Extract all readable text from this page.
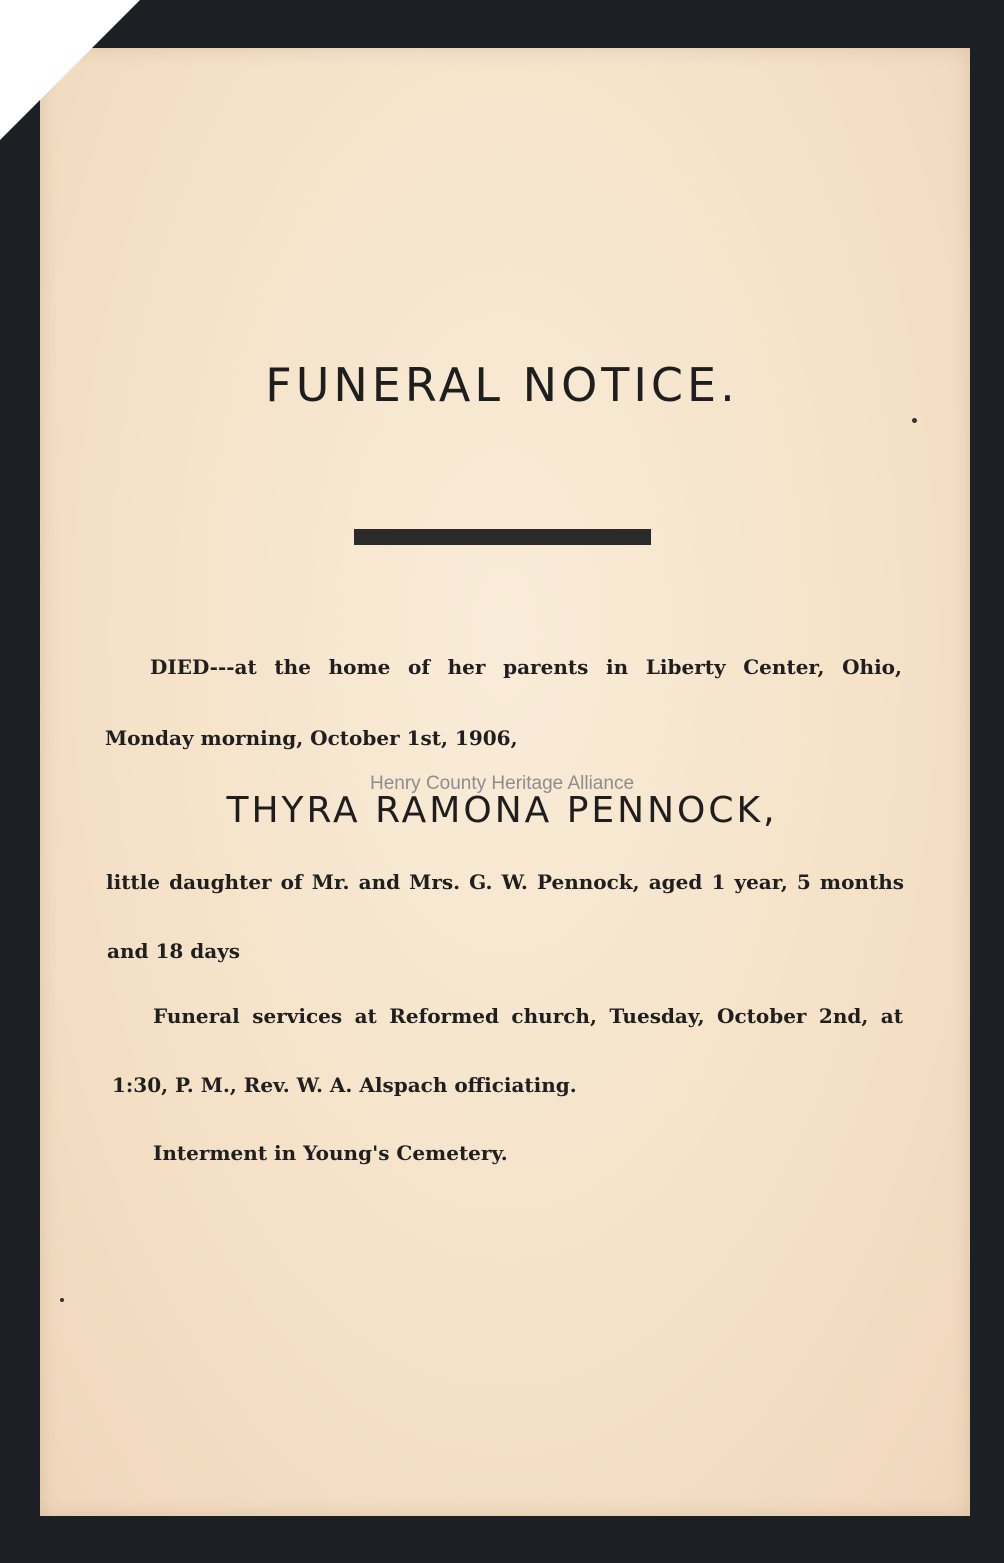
FUNERAL NOTICE.
DIED---at the home of her parents in Liberty Center, Ohio,
Monday morning, October 1st, 1906,
Henry County Heritage Alliance
THYRA RAMONA PENNOCK,
little daughter of Mr. and Mrs. G. W. Pennock, aged 1 year, 5 months
and 18 days
Funeral services at Reformed church, Tuesday, October 2nd, at
1:30, P. M., Rev. W. A. Alspach officiating.
Interment in Young's Cemetery.
